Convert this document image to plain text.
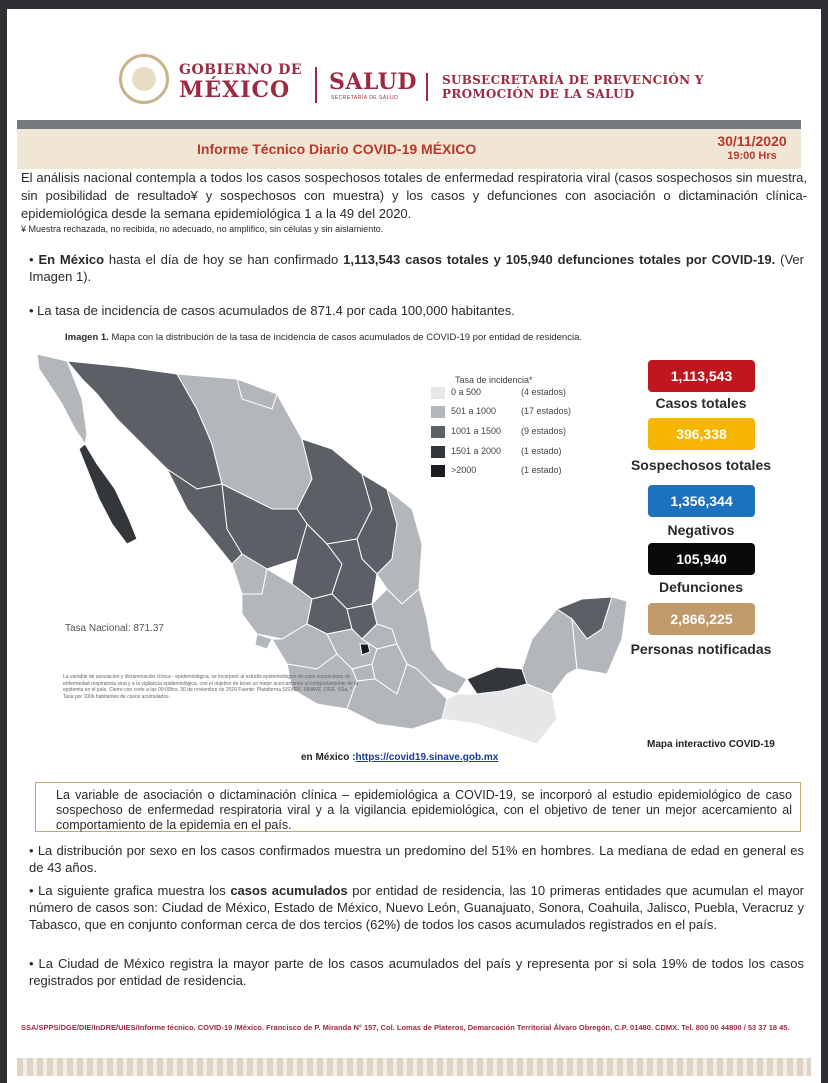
GOBIERNO DE
MÉXICO SALUD
SECRETARÍA DE SALUD
SUBSECRETARÍA DE PREVENCIÓN Y
PROMOCIÓN DE LA SALUD
Informe Técnico Diario COVID-19 MÉXICO	30/11/2020
19:00 Hrs
El análisis nacional contempla a todos los casos sospechosos totales de enfermedad respiratoria viral (casos sospechosos sin muestra, sin posibilidad de resultado¥ y sospechosos con muestra) y los casos y defunciones con asociación o dictaminación clínica-epidemiológica desde la semana epidemiológica 1 a la 49 del 2020.
¥ Muestra rechazada, no recibida, no adecuado, no amplifico, sin células y sin aislamiento.
• En México hasta el día de hoy se han confirmado 1,113,543 casos totales y 105,940 defunciones totales por COVID-19. (Ver Imagen 1).
• La tasa de incidencia de casos acumulados de 871.4 por cada 100,000 habitantes.
Imagen 1. Mapa con la distribución de la tasa de incidencia de casos acumulados de COVID-19 por entidad de residencia.
Tasa de incidencia*
0 a 500	(4 estados)
501 a 1000	(17 estados)
1001 a 1500	(9 estados)
1501 a 2000	(1 estado)
>2000	(1 estado)
Tasa Nacional: 871.37
La variable de asociación y dictaminación clínica - epidemiológica, se incorporó al estudio epidemiológico de caso sospechoso de enfermedad respiratoria viral y a la vigilancia epidemiológica, con el objetivo de tener un mejor acercamiento al comportamiento de la epidemia en el país. Cierre con corte a las 09:00hrs, 30 de noviembre de 2020 Fuente: Plataforma SISVER, SINAVE, DGE, SSa. * Tasa por 100k habitantes de casos acumulados.
1,113,543
Casos totales
396,338
Sospechosos totales
1,356,344
Negativos
105,940
Defunciones
2,866,225
Personas notificadas
Mapa interactivo COVID-19
en México :https://covid19.sinave.gob.mx
La variable de asociación o dictaminación clínica – epidemiológica a COVID-19, se incorporó al estudio epidemiológico de caso sospechoso de enfermedad respiratoria viral y a la vigilancia epidemiológica, con el objetivo de tener un mejor acercamiento al comportamiento de la epidemia en el país.
• La distribución por sexo en los casos confirmados muestra un predomino del 51% en hombres. La mediana de edad en general es de 43 años.
• La siguiente grafica muestra los casos acumulados por entidad de residencia, las 10 primeras entidades que acumulan el mayor número de casos son: Ciudad de México, Estado de México, Nuevo León, Guanajuato, Sonora, Coahuila, Jalisco, Puebla, Veracruz y Tabasco, que en conjunto conforman cerca de dos tercios (62%) de todos los casos acumulados registrados en el país.
• La Ciudad de México registra la mayor parte de los casos acumulados del país y representa por si sola 19% de todos los casos registrados por entidad de residencia.
SSA/SPPS/DGE/DIE/InDRE/UIES/Informe técnico. COVID-19 /México. Francisco de P. Miranda N° 157, Col. Lomas de Plateros, Demarcación Territorial Álvaro Obregón, C.P. 01480. CDMX. Tel. 800 00 44800 / 53 37 18 45.
